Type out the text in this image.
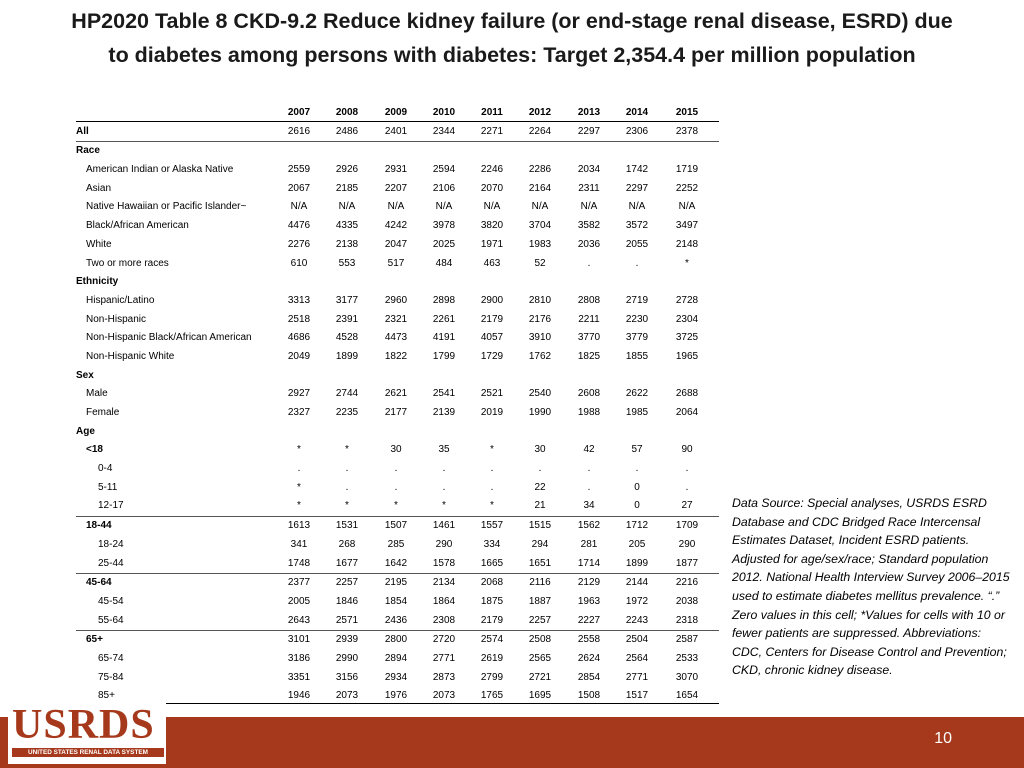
HP2020 Table 8 CKD-9.2 Reduce kidney failure (or end-stage renal disease, ESRD) due
to diabetes among persons with diabetes: Target 2,354.4 per million population
2007	2008	2009	2010	2011	2012	2013	2014	2015
All	2616	2486	2401	2344	2271	2264	2297	2306	2378
Race
American Indian or Alaska Native	2559	2926	2931	2594	2246	2286	2034	1742	1719
Asian	2067	2185	2207	2106	2070	2164	2311	2297	2252
Native Hawaiian or Pacific Islander~	N/A	N/A	N/A	N/A	N/A	N/A	N/A	N/A	N/A
Black/African American	4476	4335	4242	3978	3820	3704	3582	3572	3497
White	2276	2138	2047	2025	1971	1983	2036	2055	2148
Two or more races	610	553	517	484	463	52	.	.	*
Ethnicity
Hispanic/Latino	3313	3177	2960	2898	2900	2810	2808	2719	2728
Non-Hispanic	2518	2391	2321	2261	2179	2176	2211	2230	2304
Non-Hispanic Black/African American	4686	4528	4473	4191	4057	3910	3770	3779	3725
Non-Hispanic White	2049	1899	1822	1799	1729	1762	1825	1855	1965
Sex
Male	2927	2744	2621	2541	2521	2540	2608	2622	2688
Female	2327	2235	2177	2139	2019	1990	1988	1985	2064
Age
<18	*	*	30	35	*	30	42	57	90
0-4	.	.	.	.	.	.	.	.	.
5-11	*	.	.	.	.	22	.	0	.
12-17	*	*	*	*	*	21	34	0	27
18-44	1613	1531	1507	1461	1557	1515	1562	1712	1709
18-24	341	268	285	290	334	294	281	205	290
25-44	1748	1677	1642	1578	1665	1651	1714	1899	1877
45-64	2377	2257	2195	2134	2068	2116	2129	2144	2216
45-54	2005	1846	1854	1864	1875	1887	1963	1972	2038
55-64	2643	2571	2436	2308	2179	2257	2227	2243	2318
65+	3101	2939	2800	2720	2574	2508	2558	2504	2587
65-74	3186	2990	2894	2771	2619	2565	2624	2564	2533
75-84	3351	3156	2934	2873	2799	2721	2854	2771	3070
85+	1946	2073	1976	2073	1765	1695	1508	1517	1654
Data Source: Special analyses, USRDS ESRD Database and CDC Bridged Race Intercensal Estimates Dataset, Incident ESRD patients. Adjusted for age/sex/race; Standard population 2012. National Health Interview Survey 2006–2015 used to estimate diabetes mellitus prevalence. “.” Zero values in this cell; *Values for cells with 10 or fewer patients are suppressed. Abbreviations: CDC, Centers for Disease Control and Prevention; CKD, chronic kidney disease.
10
USRDS
UNITED STATES RENAL DATA SYSTEM
